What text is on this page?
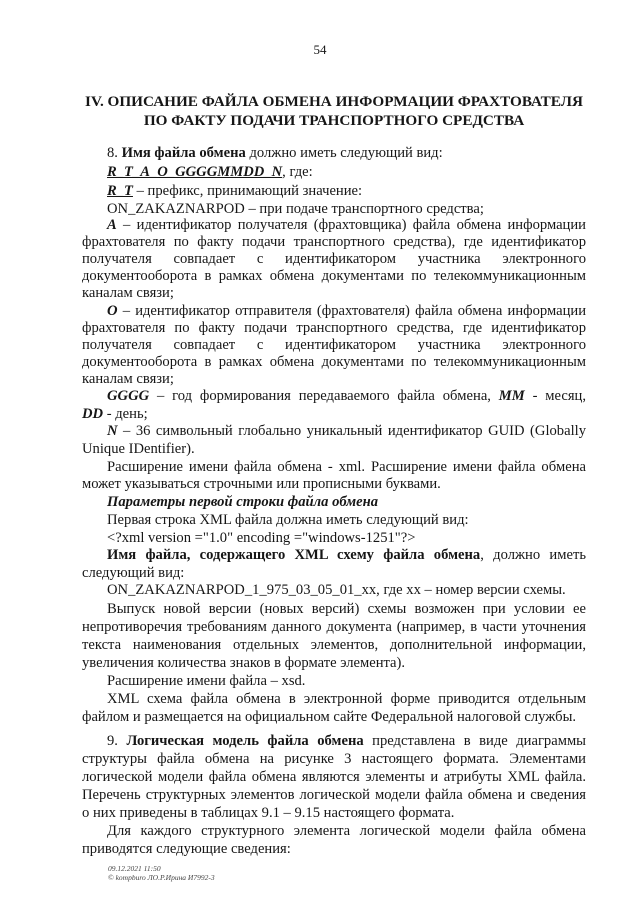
54
IV. ОПИСАНИЕ ФАЙЛА ОБМЕНА ИНФОРМАЦИИ ФРАХТОВАТЕЛЯ
ПО ФАКТУ ПОДАЧИ ТРАНСПОРТНОГО СРЕДСТВА
8. Имя файла обмена должно иметь следующий вид:
R_T_A_O_GGGGMMDD_N, где:
R_T – префикс, принимающий значение:
ON_ZAKAZNARPOD – при подаче транспортного средства;
A – идентификатор получателя (фрахтовщика) файла обмена информации
фрахтователя по факту подачи транспортного средства), где идентификатор
получателя совпадает с идентификатором участника электронного
документооборота в рамках обмена документами по телекоммуникационным
каналам связи;
O – идентификатор отправителя (фрахтователя) файла обмена информации
фрахтователя по факту подачи транспортного средства, где идентификатор
получателя совпадает с идентификатором участника электронного
документооборота в рамках обмена документами по телекоммуникационным
каналам связи;
GGGG – год формирования передаваемого файла обмена, MM - месяц,
DD - день;
N – 36 символьный глобально уникальный идентификатор GUID (Globally
Unique IDentifier).
Расширение имени файла обмена - xml. Расширение имени файла обмена
может указываться строчными или прописными буквами.
Параметры первой строки файла обмена
Первая строка XML файла должна иметь следующий вид:
<?xml version ="1.0" encoding ="windows-1251"?>
Имя файла, содержащего XML схему файла обмена, должно иметь
следующий вид:
ON_ZAKAZNARPOD_1_975_03_05_01_xx, где хх – номер версии схемы.
Выпуск новой версии (новых версий) схемы возможен при условии ее
непротиворечия требованиям данного документа (например, в части уточнения
текста наименования отдельных элементов, дополнительной информации,
увеличения количества знаков в формате элемента).
Расширение имени файла – xsd.
XML схема файла обмена в электронной форме приводится отдельным
файлом и размещается на официальном сайте Федеральной налоговой службы.
9. Логическая модель файла обмена представлена в виде диаграммы
структуры файла обмена на рисунке 3 настоящего формата. Элементами
логической модели файла обмена являются элементы и атрибуты XML файла.
Перечень структурных элементов логической модели файла обмена и сведения
о них приведены в таблицах 9.1 – 9.15 настоящего формата.
Для каждого структурного элемента логической модели файла обмена
приводятся следующие сведения:
09.12.2021 11:50
© kompburo ЛО.Р.Ирина И7992-3
